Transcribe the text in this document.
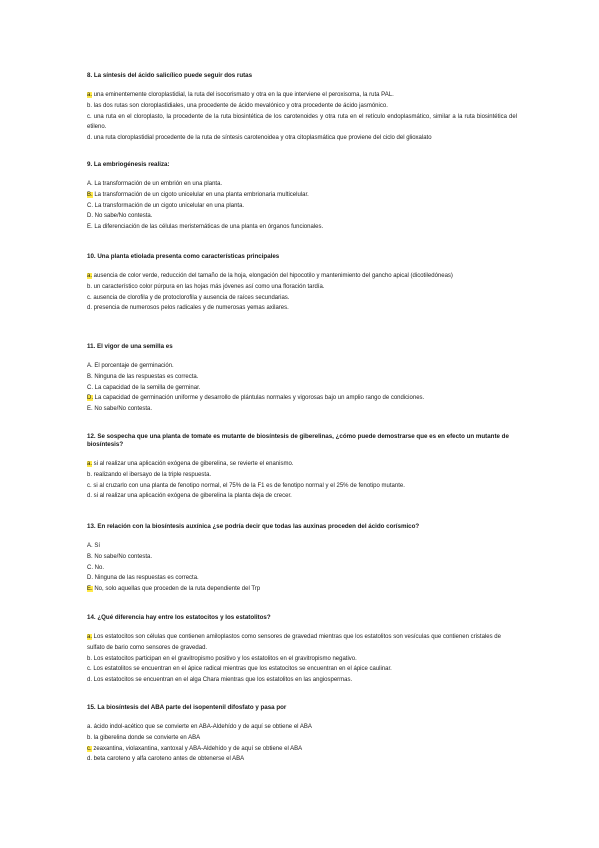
8. La síntesis del ácido salicílico puede seguir dos rutas

a. una eminentemente cloroplastidial, la ruta del isocorismato y otra en la que interviene el peroxisoma, la ruta PAL.

b. las dos rutas son cloroplastidiales, una procedente de ácido mevalónico y otra procedente de ácido jasmónico.

c. una ruta en el cloroplasto, la procedente de la ruta biosintética de los carotenoides y otra ruta en el retículo endoplasmático, similar a la ruta biosintética del etileno.

d. una ruta cloroplastidial procedente de la ruta de síntesis carotenoidea y otra citoplasmática que proviene del ciclo del glioxalato

9. La embriogénesis realiza:

A. La transformación de un embrión en una planta.

B. La transformación de un cigoto unicelular en una planta embrionaria multicelular.

C. La transformación de un cigoto unicelular en una planta.

D. No sabe/No contesta.

E. La diferenciación de las células meristemáticas de una planta en órganos funcionales.

10. Una planta etiolada presenta como características principales

a. ausencia de color verde, reducción del tamaño de la hoja, elongación del hipocotilo y mantenimiento del gancho apical (dicotiledóneas)

b. un característico color púrpura en las hojas más jóvenes así como una floración tardía.

c. ausencia de clorofila y de protoclorofila y ausencia de raíces secundarias.

d. presencia de numerosos pelos radicales y de numerosas yemas axilares.

11. El vigor de una semilla es

A. El porcentaje de germinación.

B. Ninguna de las respuestas es correcta.

C. La capacidad de la semilla de germinar.

D. La capacidad de germinación uniforme y desarrollo de plántulas normales y vigorosas bajo un amplio rango de condiciones.

E. No sabe/No contesta.

12. Se sospecha que una planta de tomate es mutante de biosíntesis de giberelinas, ¿cómo puede demostrarse que es en efecto un mutante de biosíntesis?

a. si al realizar una aplicación exógena de giberelina, se revierte el enanismo.

b. realizando el ibersayo de la triple respuesta.

c. si al cruzarlo con una planta de fenotipo normal, el 75% de la F1 es de fenotipo normal y el 25% de fenotipo mutante.

d. si al realizar una aplicación exógena de giberelina la planta deja de crecer.

13. En relación con la biosíntesis auxínica ¿se podría decir que todas las auxinas proceden del ácido corísmico?

A. Sí

B. No sabe/No contesta.

C. No.

D. Ninguna de las respuestas es correcta.

E. No, solo aquellas que proceden de la ruta dependiente del Trp

14. ¿Qué diferencia hay entre los estatocitos y los estatolitos?

a. Los estatocitos son células que contienen amiloplastos como sensores de gravedad mientras que los estatolitos son vesículas que contienen cristales de sulfato de bario como sensores de gravedad.

b. Los estatocitos participan en el gravitropismo positivo y los estatolitos en el gravitropismo negativo.

c. Los estatolitos se encuentran en el ápice radical mientras que los estatocitos se encuentran en el ápice caulinar.

d. Los estatocitos se encuentran en el alga Chara mientras que los estatolitos en las angiospermas.

15. La biosíntesis del ABA parte del isopentenil difosfato y pasa por

a. ácido indol-acético que se convierte en ABA-Aldehído y de aquí se obtiene el ABA

b. la giberelina donde se convierte en ABA

c. zeaxantina, violaxantina, xantoxal y ABA-Aldehído y de aquí se obtiene el ABA

d. beta caroteno y alfa caroteno antes de obtenerse el ABA
